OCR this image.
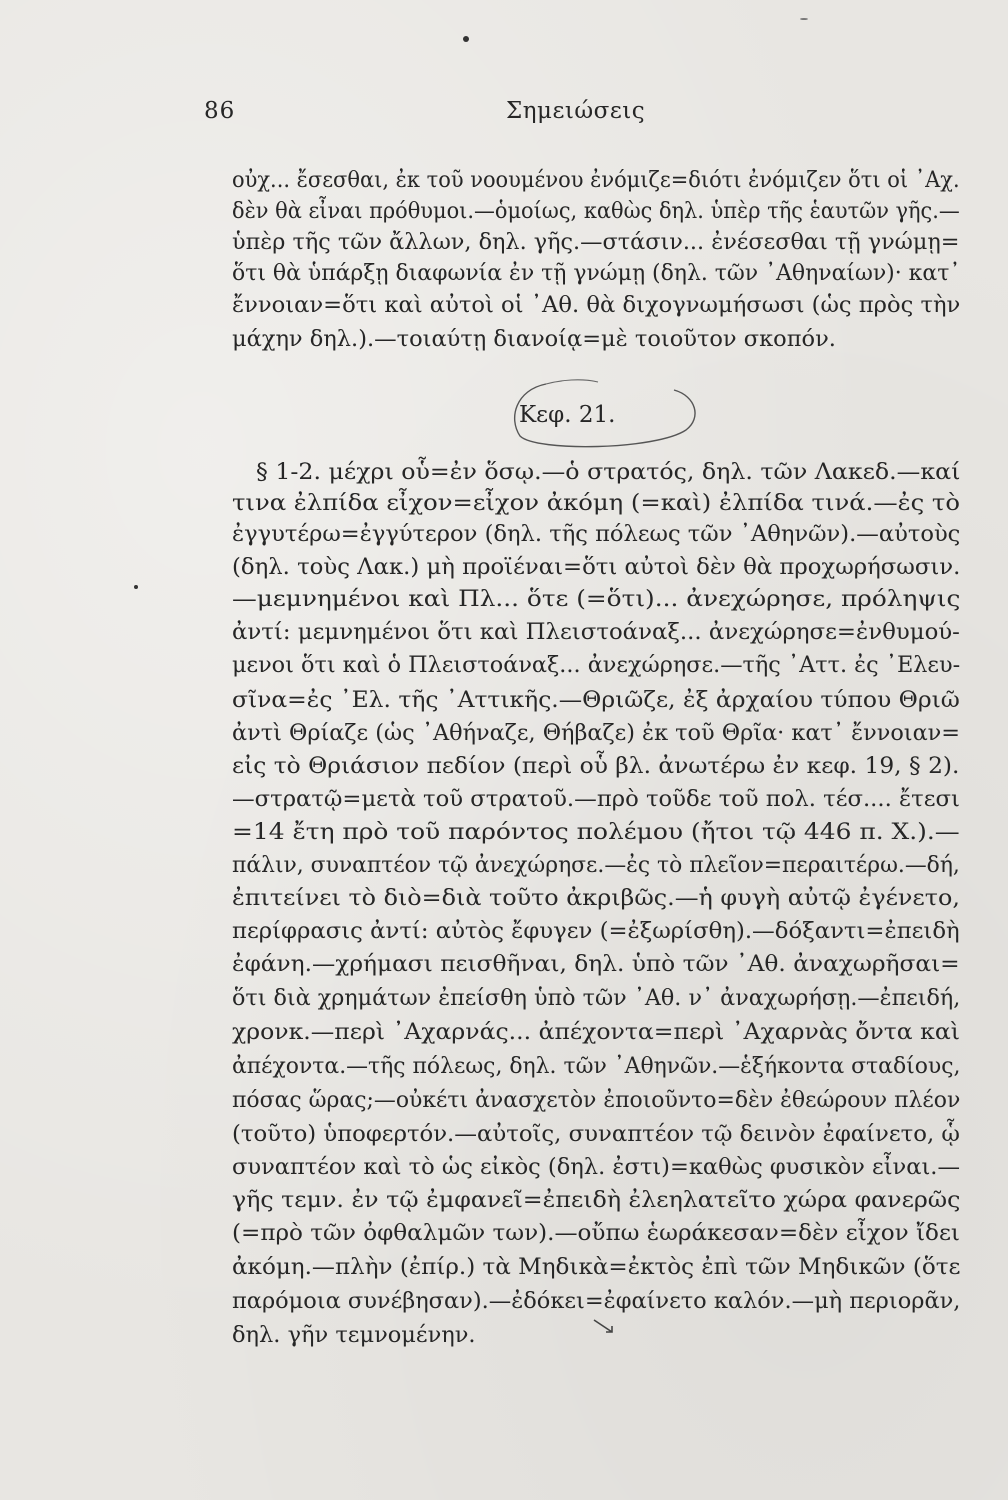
86	Σημειώσεις
οὐχ... ἔσεσθαι, ἐκ τοῦ νοουμένου ἐνόμιζε=διότι ἐνόμιζεν ὅτι οἱ ᾿Αχ.
δὲν θὰ εἶναι πρόθυμοι.—ὁμοίως, καθὼς δηλ. ὑπὲρ τῆς ἑαυτῶν γῆς.—
ὑπὲρ τῆς τῶν ἄλλων, δηλ. γῆς.—στάσιν... ἐνέσεσθαι τῇ γνώμῃ=
ὅτι θὰ ὑπάρξῃ διαφωνία ἐν τῇ γνώμῃ (δηλ. τῶν ᾿Αθηναίων)· κατ᾿
ἔννοιαν=ὅτι καὶ αὐτοὶ οἱ ᾿Αθ. θὰ διχογνωμήσωσι (ὡς πρὸς τὴν
μάχην δηλ.).—τοιαύτῃ διανοίᾳ=μὲ τοιοῦτον σκοπόν.
Κεφ. 21.
§ 1-2. μέχρι οὗ=ἐν ὅσῳ.—ὁ στρατός, δηλ. τῶν Λακεδ.—καί
τινα ἐλπίδα εἶχον=εἶχον ἀκόμη (=καὶ) ἐλπίδα τινά.—ἐς τὸ
ἐγγυτέρω=ἐγγύτερον (δηλ. τῆς πόλεως τῶν ᾿Αθηνῶν).—αὐτοὺς
(δηλ. τοὺς Λακ.) μὴ προϊέναι=ὅτι αὐτοὶ δὲν θὰ προχωρήσωσιν.
—μεμνημένοι καὶ Πλ... ὅτε (=ὅτι)... ἀνεχώρησε, πρόληψις
ἀντί: μεμνημένοι ὅτι καὶ Πλειστοάναξ... ἀνεχώρησε=ἐνθυμού-
μενοι ὅτι καὶ ὁ Πλειστοάναξ... ἀνεχώρησε.—τῆς ᾿Αττ. ἐς ᾿Ελευ-
σῖνα=ἐς ᾿Ελ. τῆς ᾿Αττικῆς.—Θριῶζε, ἐξ ἀρχαίου τύπου Θριῶ
ἀντὶ Θρίαζε (ὡς ᾿Αθήναζε, Θήβαζε) ἐκ τοῦ Θρῖα· κατ᾿ ἔννοιαν=
εἰς τὸ Θριάσιον πεδίον (περὶ οὗ βλ. ἀνωτέρω ἐν κεφ. 19, § 2).
—στρατῷ=μετὰ τοῦ στρατοῦ.—πρὸ τοῦδε τοῦ πολ. τέσ.... ἔτεσι
=14 ἔτη πρὸ τοῦ παρόντος πολέμου (ἤτοι τῷ 446 π. Χ.).—
πάλιν, συναπτέον τῷ ἀνεχώρησε.—ἐς τὸ πλεῖον=περαιτέρω.—δή,
ἐπιτείνει τὸ διὸ=διὰ τοῦτο ἀκριβῶς.—ἡ φυγὴ αὐτῷ ἐγένετο,
περίφρασις ἀντί: αὐτὸς ἔφυγεν (=ἐξωρίσθη).—δόξαντι=ἐπειδὴ
ἐφάνη.—χρήμασι πεισθῆναι, δηλ. ὑπὸ τῶν ᾿Αθ. ἀναχωρῆσαι=
ὅτι διὰ χρημάτων ἐπείσθη ὑπὸ τῶν ᾿Αθ. ν᾿ ἀναχωρήσῃ.—ἐπειδή,
χρονκ.—περὶ ᾿Αχαρνάς... ἀπέχοντα=περὶ ᾿Αχαρνὰς ὄντα καὶ
ἀπέχοντα.—τῆς πόλεως, δηλ. τῶν ᾿Αθηνῶν.—ἑξήκοντα σταδίους,
πόσας ὥρας;—οὐκέτι ἀνασχετὸν ἐποιοῦντο=δὲν ἐθεώρουν πλέον
(τοῦτο) ὑποφερτόν.—αὐτοῖς, συναπτέον τῷ δεινὸν ἐφαίνετο, ᾧ
συναπτέον καὶ τὸ ὡς εἰκὸς (δηλ. ἐστι)=καθὼς φυσικὸν εἶναι.—
γῆς τεμν. ἐν τῷ ἐμφανεῖ=ἐπειδὴ ἐλεηλατεῖτο χώρα φανερῶς
(=πρὸ τῶν ὀφθαλμῶν των).—οὔπω ἑωράκεσαν=δὲν εἶχον ἴδει
ἀκόμη.—πλὴν (ἐπίρ.) τὰ Μηδικὰ=ἐκτὸς ἐπὶ τῶν Μηδικῶν (ὅτε
παρόμοια συνέβησαν).—ἐδόκει=ἐφαίνετο καλόν.—μὴ περιορᾶν,
δηλ. γῆν τεμνομένην.
